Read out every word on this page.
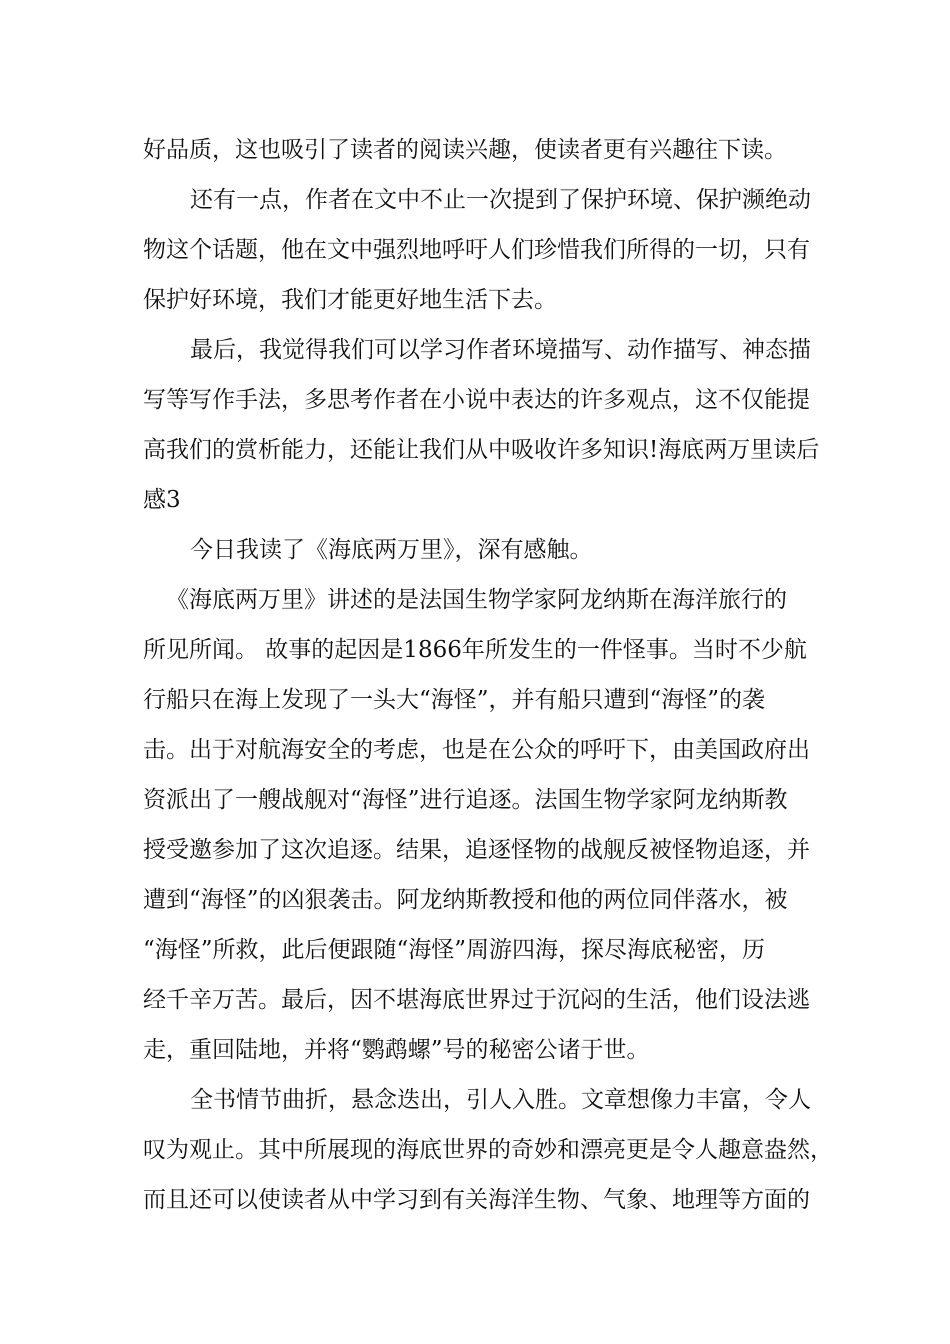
好品质，这也吸引了读者的阅读兴趣，使读者更有兴趣往下读。
还有一点，作者在文中不止一次提到了保护环境、保护濒绝动
物这个话题，他在文中强烈地呼吁人们珍惜我们所得的一切，只有
保护好环境，我们才能更好地生活下去。
最后，我觉得我们可以学习作者环境描写、动作描写、神态描
写等写作手法，多思考作者在小说中表达的许多观点，这不仅能提
高我们的赏析能力，还能让我们从中吸收许多知识!海底两万里读后
感3
今日我读了《海底两万里》，深有感触。
《海底两万里》讲述的是法国生物学家阿龙纳斯在海洋旅行的
所见所闻。 故事的起因是1866年所发生的一件怪事。当时不少航
行船只在海上发现了一头大“海怪”，并有船只遭到“海怪”的袭
击。出于对航海安全的考虑，也是在公众的呼吁下，由美国政府出
资派出了一艘战舰对“海怪”进行追逐。法国生物学家阿龙纳斯教
授受邀参加了这次追逐。结果，追逐怪物的战舰反被怪物追逐，并
遭到“海怪”的凶狠袭击。阿龙纳斯教授和他的两位同伴落水，被
“海怪”所救，此后便跟随“海怪”周游四海，探尽海底秘密，历
经千辛万苦。最后，因不堪海底世界过于沉闷的生活，他们设法逃
走，重回陆地，并将“鹦鹉螺”号的秘密公诸于世。
全书情节曲折，悬念迭出，引人入胜。文章想像力丰富，令人
叹为观止。其中所展现的海底世界的奇妙和漂亮更是令人趣意盎然，
而且还可以使读者从中学习到有关海洋生物、气象、地理等方面的
